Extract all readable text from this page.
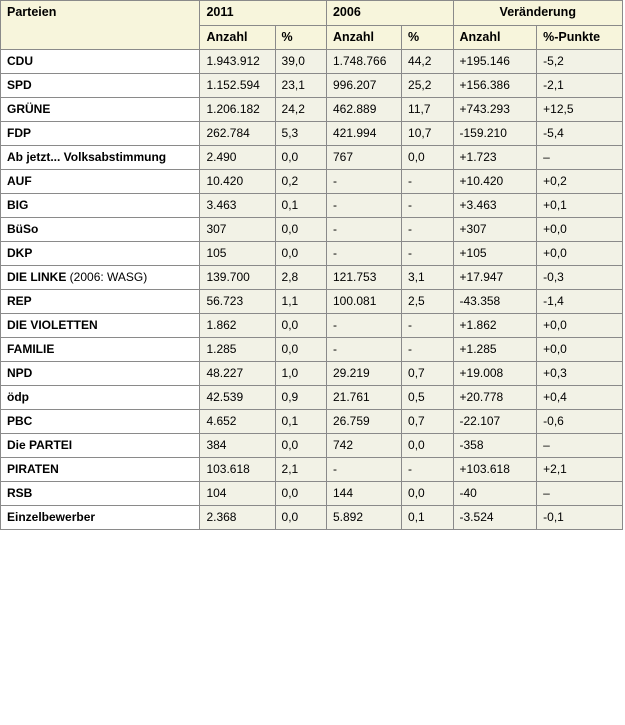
Parteien	2011		2006		Veränderung	
	Anzahl	%	Anzahl	%	Anzahl	%-Punkte
CDU	1.943.912	39,0	1.748.766	44,2	+195.146	-5,2
SPD	1.152.594	23,1	996.207	25,2	+156.386	-2,1
GRÜNE	1.206.182	24,2	462.889	11,7	+743.293	+12,5
FDP	262.784	5,3	421.994	10,7	-159.210	-5,4
Ab jetzt... Volksabstimmung	2.490	0,0	767	0,0	+1.723	–
AUF	10.420	0,2	-	-	+10.420	+0,2
BIG	3.463	0,1	-	-	+3.463	+0,1
BüSo	307	0,0	-	-	+307	+0,0
DKP	105	0,0	-	-	+105	+0,0
DIE LINKE (2006: WASG)	139.700	2,8	121.753	3,1	+17.947	-0,3
REP	56.723	1,1	100.081	2,5	-43.358	-1,4
DIE VIOLETTEN	1.862	0,0	-	-	+1.862	+0,0
FAMILIE	1.285	0,0	-	-	+1.285	+0,0
NPD	48.227	1,0	29.219	0,7	+19.008	+0,3
ödp	42.539	0,9	21.761	0,5	+20.778	+0,4
PBC	4.652	0,1	26.759	0,7	-22.107	-0,6
Die PARTEI	384	0,0	742	0,0	-358	–
PIRATEN	103.618	2,1	-	-	+103.618	+2,1
RSB	104	0,0	144	0,0	-40	–
Einzelbewerber	2.368	0,0	5.892	0,1	-3.524	-0,1
